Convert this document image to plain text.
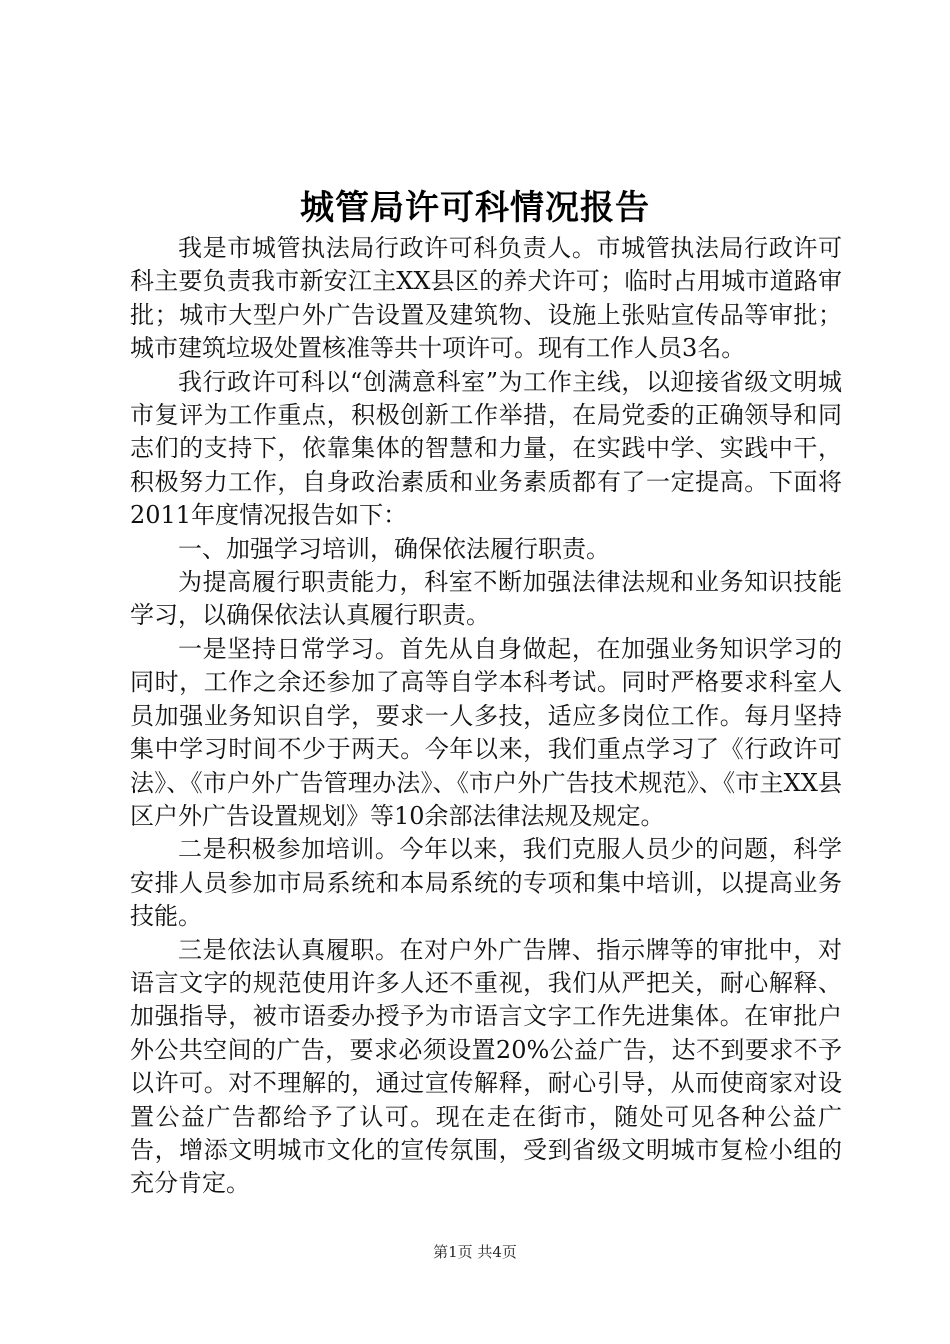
城管局许可科情况报告

我是市城管执法局行政许可科负责人。市城管执法局行政许可科主要负责我市新安江主XX县区的养犬许可；临时占用城市道路审批；城市大型户外广告设置及建筑物、设施上张贴宣传品等审批；城市建筑垃圾处置核准等共十项许可。现有工作人员3名。

我行政许可科以“创满意科室”为工作主线，以迎接省级文明城市复评为工作重点，积极创新工作举措，在局党委的正确领导和同志们的支持下，依靠集体的智慧和力量，在实践中学、实践中干，积极努力工作，自身政治素质和业务素质都有了一定提高。下面将2011年度情况报告如下：

一、加强学习培训，确保依法履行职责。

为提高履行职责能力，科室不断加强法律法规和业务知识技能学习，以确保依法认真履行职责。

一是坚持日常学习。首先从自身做起，在加强业务知识学习的同时，工作之余还参加了高等自学本科考试。同时严格要求科室人员加强业务知识自学，要求一人多技，适应多岗位工作。每月坚持集中学习时间不少于两天。今年以来，我们重点学习了《行政许可法》、《市户外广告管理办法》、《市户外广告技术规范》、《市主XX县区户外广告设置规划》等10余部法律法规及规定。

二是积极参加培训。今年以来，我们克服人员少的问题，科学安排人员参加市局系统和本局系统的专项和集中培训，以提高业务技能。

三是依法认真履职。在对户外广告牌、指示牌等的审批中，对语言文字的规范使用许多人还不重视，我们从严把关，耐心解释、加强指导，被市语委办授予为市语言文字工作先进集体。在审批户外公共空间的广告，要求必须设置20%公益广告，达不到要求不予以许可。对不理解的，通过宣传解释，耐心引导，从而使商家对设置公益广告都给予了认可。现在走在街市，随处可见各种公益广告，增添文明城市文化的宣传氛围，受到省级文明城市复检小组的充分肯定。

第1页 共4页
